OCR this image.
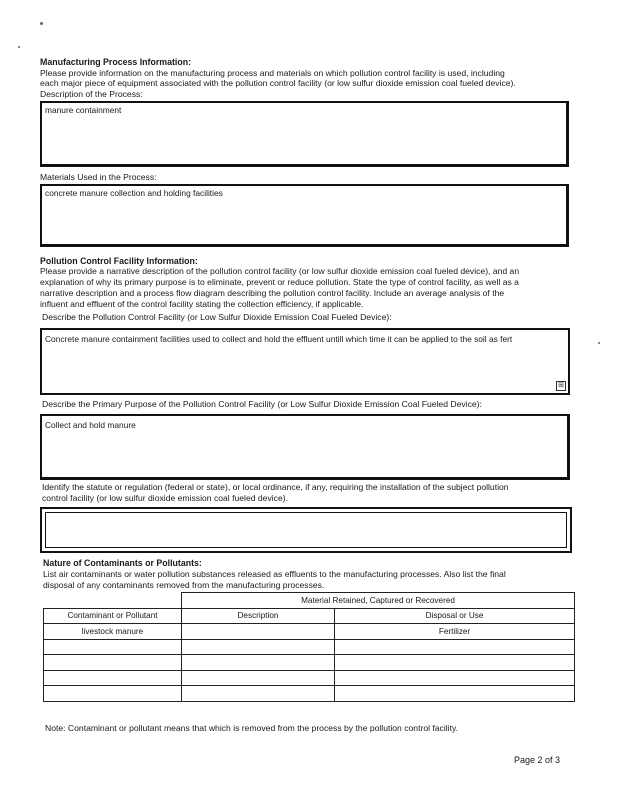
Manufacturing Process Information:
Please provide information on the manufacturing process and materials on which pollution control facility is used, including
each major piece of equipment associated with the pollution control facility (or low sulfur dioxide emission coal fueled device).
Description of the Process:
manure containment
Materials Used in the Process:
concrete manure collection and holding facilities
Pollution Control Facility Information:
Please provide a narrative description of the pollution control facility (or low sulfur dioxide emission coal fueled device), and an
explanation of why its primary purpose is to eliminate, prevent or reduce pollution. State the type of control facility, as well as a
narrative description and a process flow diagram describing the pollution control facility. Include an average analysis of the
influent and effluent of the control facility stating the collection efficiency, if applicable.
Describe the Pollution Control Facility (or Low Sulfur Dioxide Emission Coal Fueled Device):
Concrete manure containment facilities used to collect and hold the effluent untill which time it can be applied to the soil as fert
⊞
Describe the Primary Purpose of the Pollution Control Facility (or Low Sulfur Dioxide Emission Coal Fueled Device):
Collect and hold manure
Identify the statute or regulation (federal or state), or local ordinance, if any, requiring the installation of the subject pollution
control facility (or low sulfur dioxide emission coal fueled device).
Nature of Contaminants or Pollutants:
List air contaminants or water pollution substances released as effluents to the manufacturing processes. Also list the final
disposal of any contaminants removed from the manufacturing processes.
	Material Retained, Captured or Recovered	
Contaminant or Pollutant	Description	Disposal or Use
livestock manure		Fertilizer

Note: Contaminant or pollutant means that which is removed from the process by the pollution control facility.
Page 2 of 3
